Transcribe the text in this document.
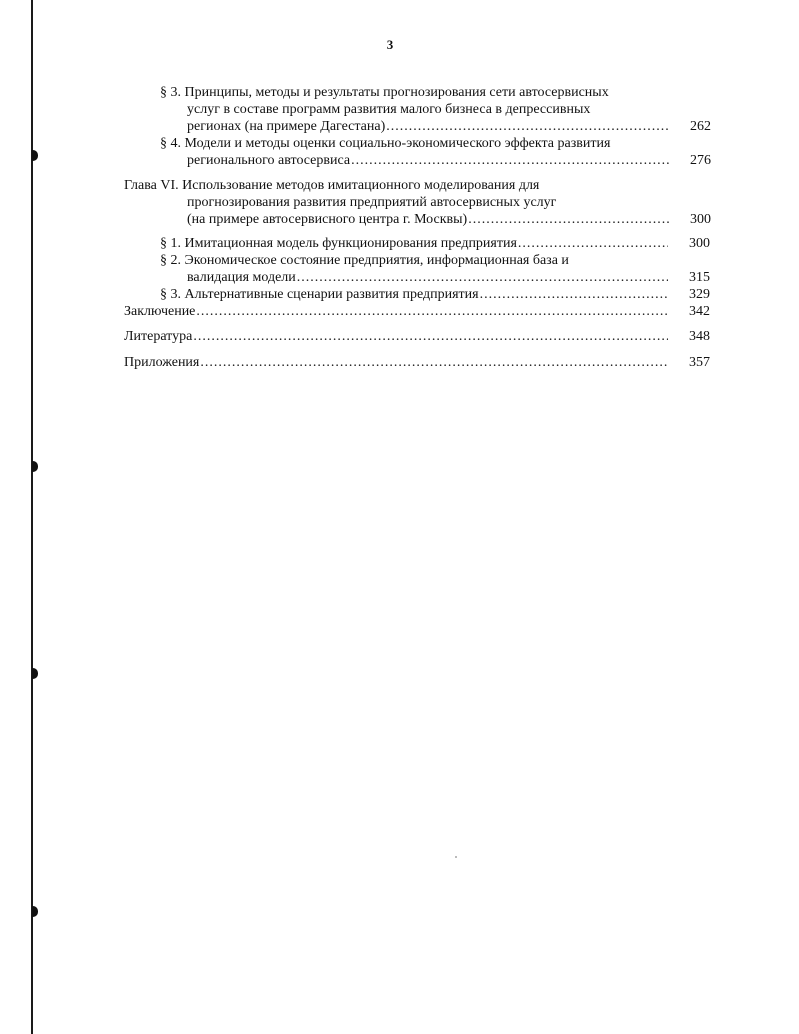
3
§ 3. Принципы, методы и результаты прогнозирования сети автосервисных
услуг в составе программ развития малого бизнеса в депрессивных
регионах (на примере Дагестана) .....	262
§ 4. Модели и методы оценки социально-экономического эффекта развития
регионального автосервиса .....	276
Глава VI. Использование методов имитационного моделирования для
прогнозирования развития предприятий автосервисных услуг
(на примере автосервисного центра г. Москвы) .....	300
§ 1. Имитационная модель функционирования предприятия .....	300
§ 2. Экономическое состояние предприятия, информационная база и
валидация модели .....	315
§ 3. Альтернативные сценарии развития предприятия .....	329
Заключение .....	342
Литература .....	348
Приложения .....	357
